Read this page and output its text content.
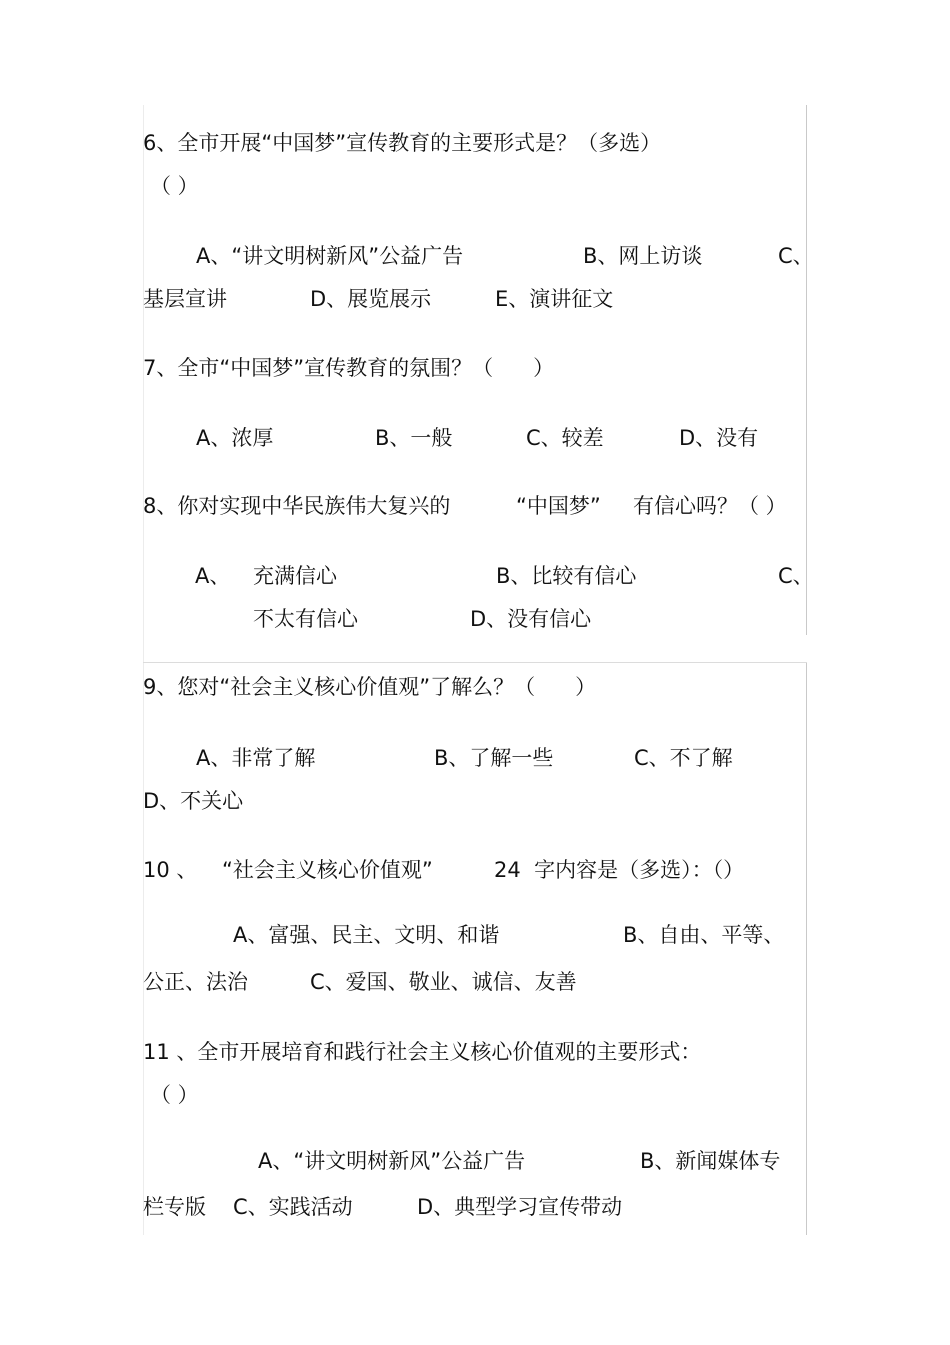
6、全市开展“中国梦”宣传教育的主要形式是？（多选）
（ ）
A、“讲文明树新风”公益广告	B、网上访谈	C、
基层宣讲	D、展览展示	E、演讲征文
7、全市“中国梦”宣传教育的氛围？（      ）
A、浓厚	B、一般	C、较差	D、没有
8、你对实现中华民族伟大复兴的	“中国梦” 有信心吗？（ ）
A、 充满信心	B、比较有信心	C、
不太有信心	D、没有信心
9、您对“社会主义核心价值观”了解么？（      ）
A、非常了解	B、了解一些	C、不了解
D、不关心
10 、 “社会主义核心价值观”	24  字内容是（多选）：（）
A、富强、民主、文明、和谐	B、自由、平等、
公正、法治	C、爱国、敬业、诚信、友善
11 、全市开展培育和践行社会主义核心价值观的主要形式：
（ ）
A、“讲文明树新风”公益广告	B、新闻媒体专
栏专版 C、实践活动	D、典型学习宣传带动
